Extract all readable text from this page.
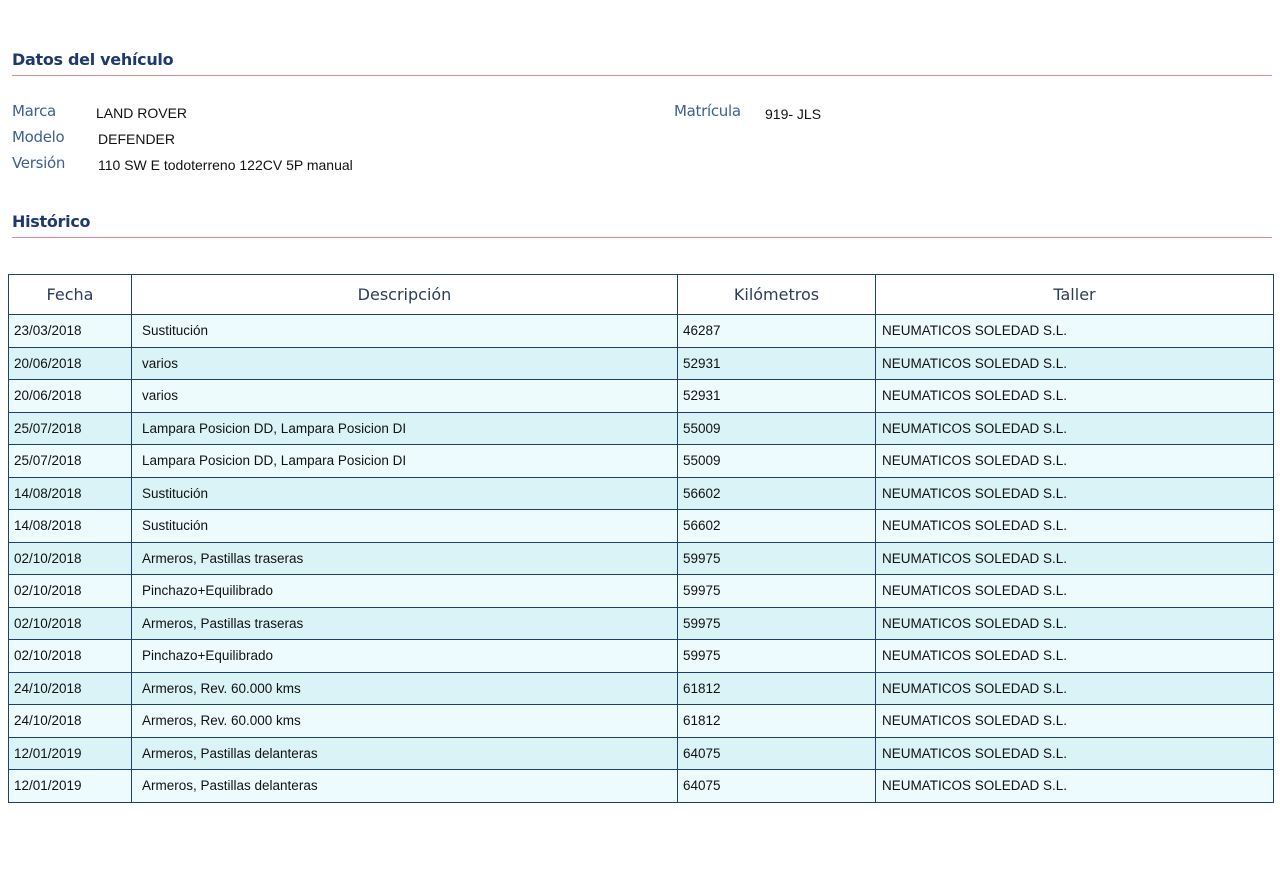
Datos del vehículo
Marca	LAND ROVER
Modelo DEFENDER
Versión 110 SW E todoterreno 122CV 5P manual
Matrícula 919- JLS
Histórico
Fecha	Descripción	Kilómetros	Taller
23/03/2018	Sustitución	46287	NEUMATICOS SOLEDAD S.L.
20/06/2018	varios	52931	NEUMATICOS SOLEDAD S.L.
20/06/2018	varios	52931	NEUMATICOS SOLEDAD S.L.
25/07/2018	Lampara Posicion DD, Lampara Posicion DI	55009	NEUMATICOS SOLEDAD S.L.
25/07/2018	Lampara Posicion DD, Lampara Posicion DI	55009	NEUMATICOS SOLEDAD S.L.
14/08/2018	Sustitución	56602	NEUMATICOS SOLEDAD S.L.
14/08/2018	Sustitución	56602	NEUMATICOS SOLEDAD S.L.
02/10/2018	Armeros, Pastillas traseras	59975	NEUMATICOS SOLEDAD S.L.
02/10/2018	Pinchazo+Equilibrado	59975	NEUMATICOS SOLEDAD S.L.
02/10/2018	Armeros, Pastillas traseras	59975	NEUMATICOS SOLEDAD S.L.
02/10/2018	Pinchazo+Equilibrado	59975	NEUMATICOS SOLEDAD S.L.
24/10/2018	Armeros, Rev. 60.000 kms	61812	NEUMATICOS SOLEDAD S.L.
24/10/2018	Armeros, Rev. 60.000 kms	61812	NEUMATICOS SOLEDAD S.L.
12/01/2019	Armeros, Pastillas delanteras	64075	NEUMATICOS SOLEDAD S.L.
12/01/2019	Armeros, Pastillas delanteras	64075	NEUMATICOS SOLEDAD S.L.
